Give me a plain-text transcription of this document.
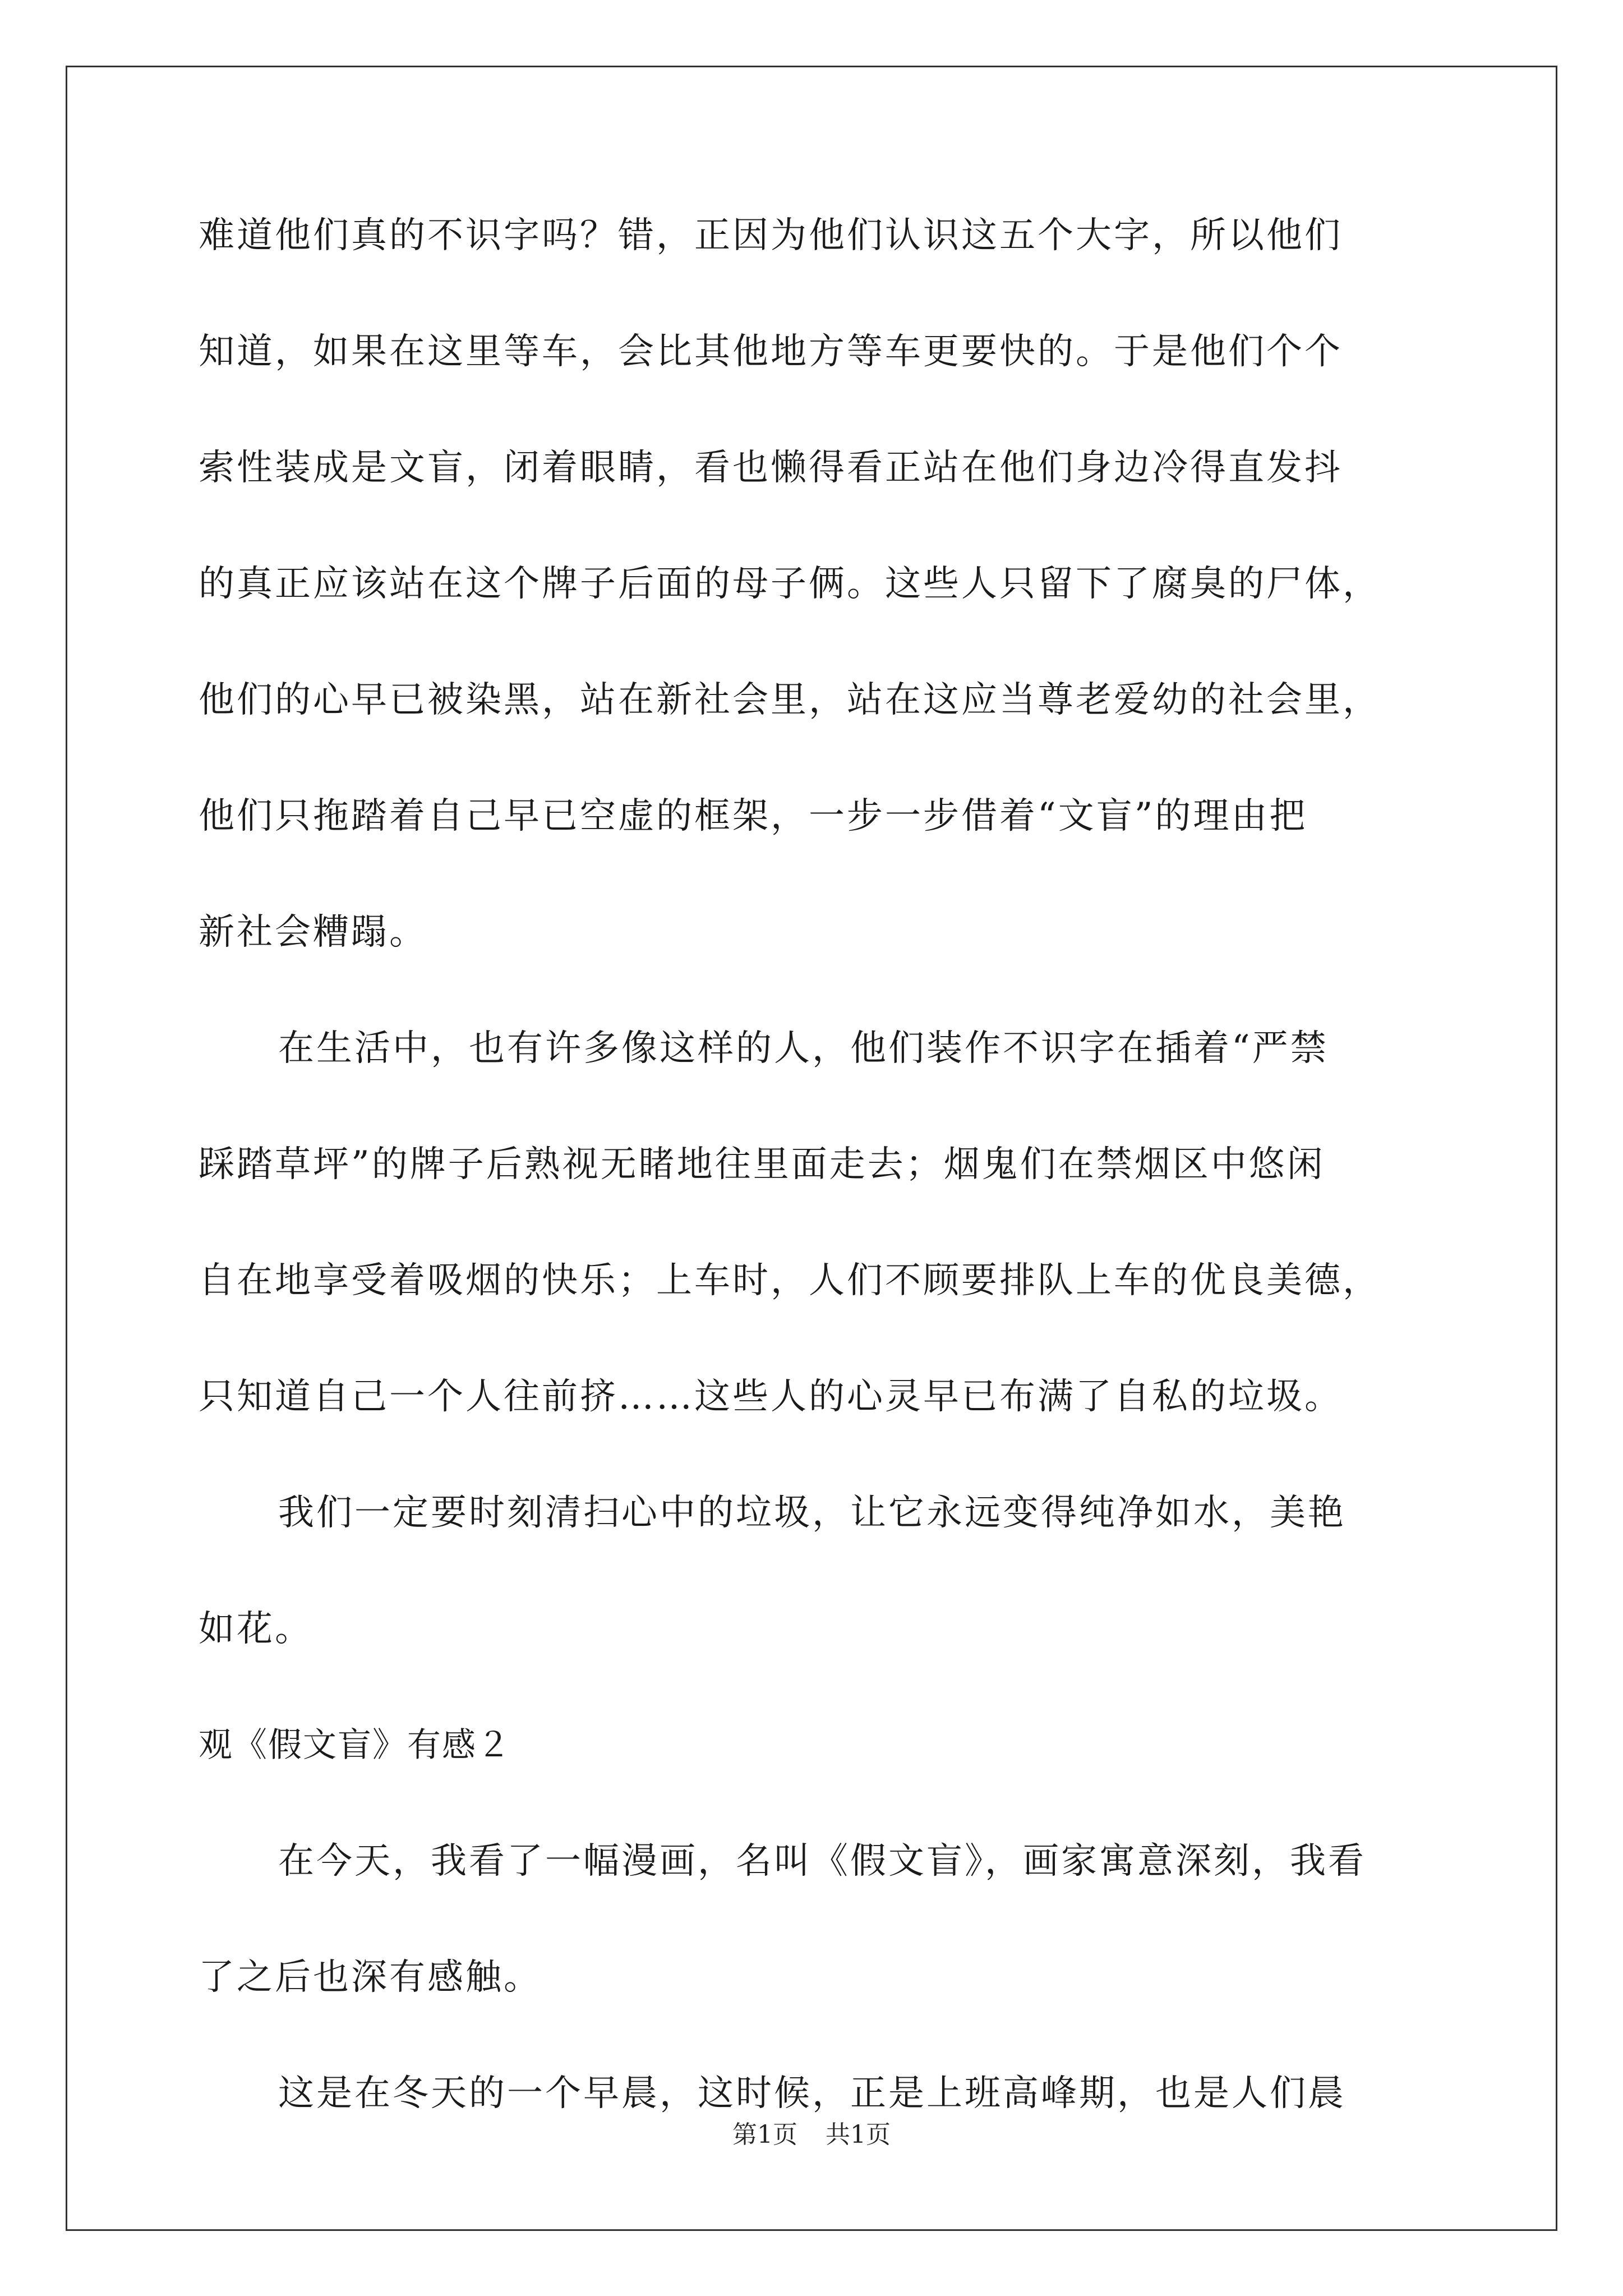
难道他们真的不识字吗？错，正因为他们认识这五个大字，所以他们
知道，如果在这里等车，会比其他地方等车更要快的。于是他们个个
索性装成是文盲，闭着眼睛，看也懒得看正站在他们身边冷得直发抖
的真正应该站在这个牌子后面的母子俩。这些人只留下了腐臭的尸体，
他们的心早已被染黑，站在新社会里，站在这应当尊老爱幼的社会里，
他们只拖踏着自己早已空虚的框架，一步一步借着“文盲”的理由把
新社会糟蹋。
在生活中，也有许多像这样的人，他们装作不识字在插着“严禁
踩踏草坪”的牌子后熟视无睹地往里面走去；烟鬼们在禁烟区中悠闲
自在地享受着吸烟的快乐；上车时，人们不顾要排队上车的优良美德，
只知道自己一个人往前挤……这些人的心灵早已布满了自私的垃圾。
我们一定要时刻清扫心中的垃圾，让它永远变得纯净如水，美艳
如花。
观《假文盲》有感２
在今天，我看了一幅漫画，名叫《假文盲》，画家寓意深刻，我看
了之后也深有感触。
这是在冬天的一个早晨，这时候，正是上班高峰期，也是人们晨
第1页 共1页
